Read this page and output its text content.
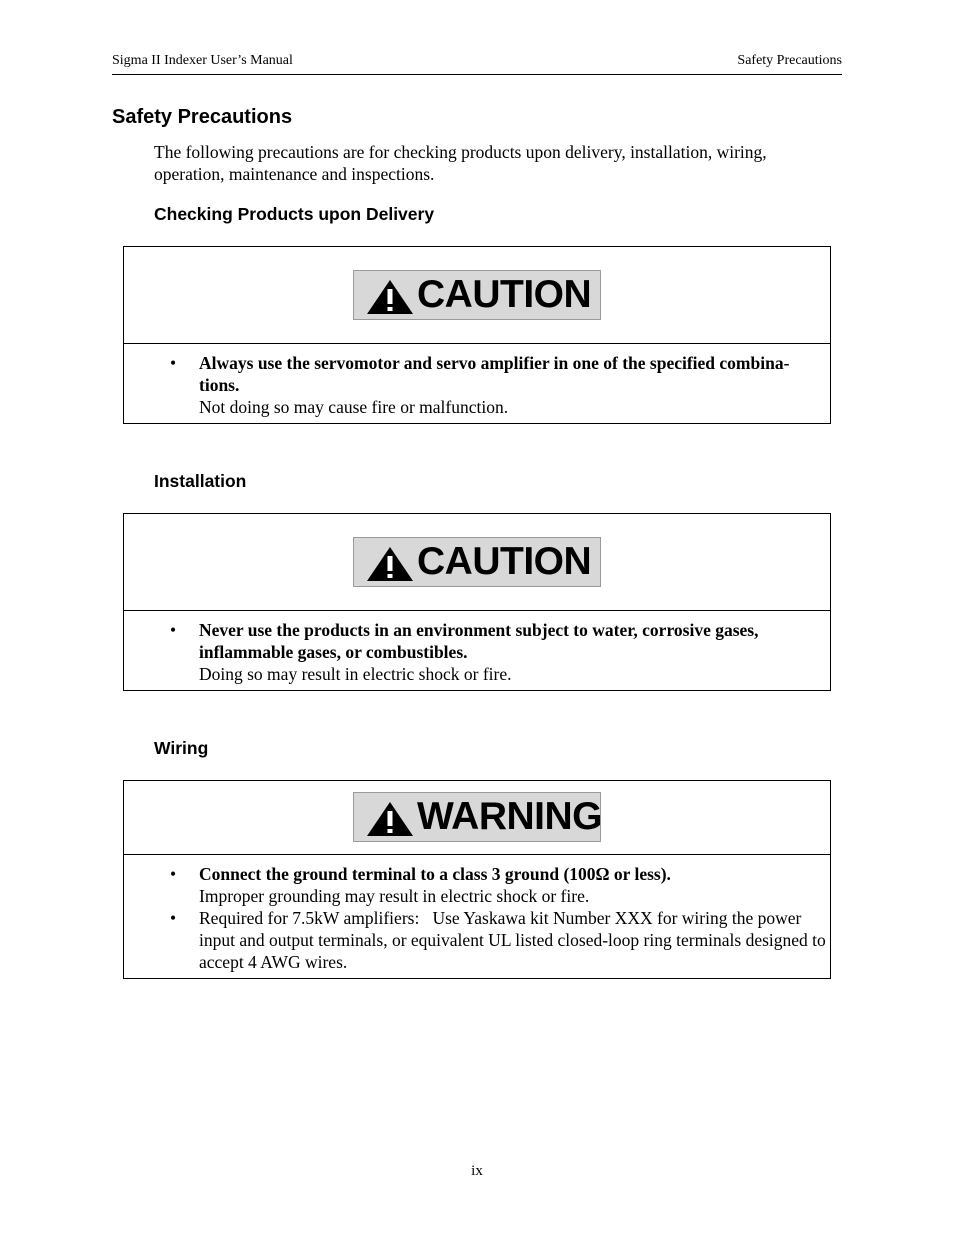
Sigma II Indexer User’s Manual	Safety Precautions
Safety Precautions

The following precautions are for checking products upon delivery, installation, wiring, operation, maintenance and inspections.

Checking Products upon Delivery
CAUTION
• Always use the servomotor and servo amplifier in one of the specified combina-tions.
Not doing so may cause fire or malfunction.
Installation
CAUTION
• Never use the products in an environment subject to water, corrosive gases, inflammable gases, or combustibles.
Doing so may result in electric shock or fire.
Wiring
WARNING
• Connect the ground terminal to a class 3 ground (100Ω or less).
Improper grounding may result in electric shock or fire.
• Required for 7.5kW amplifiers:   Use Yaskawa kit Number XXX for wiring the power input and output terminals, or equivalent UL listed closed-loop ring terminals designed to accept 4 AWG wires.
ix
